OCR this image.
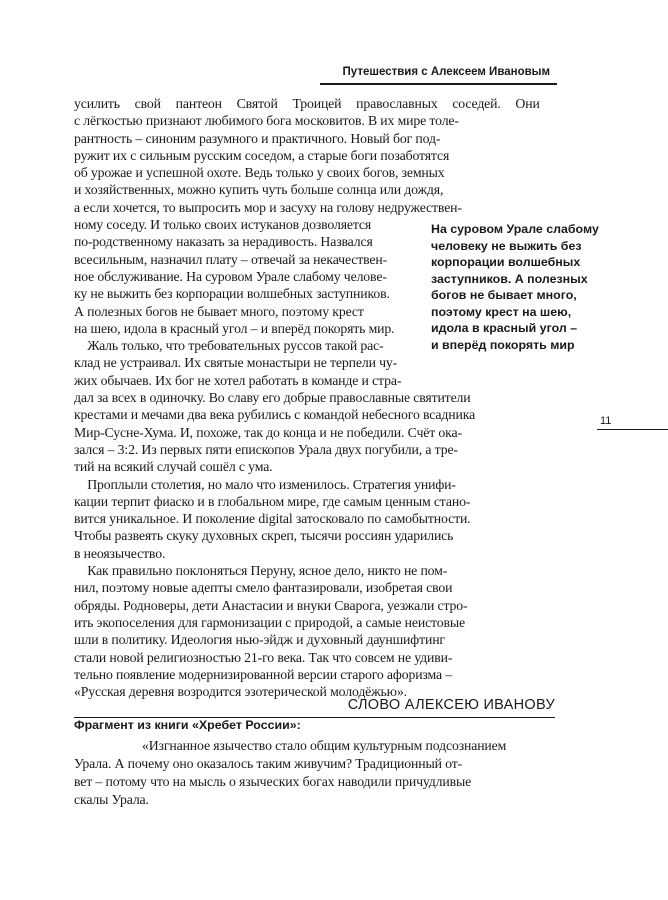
Путешествия с Алексеем Ивановым
11
усилить свой пантеон Святой Троицей православных соседей. Они
с лёгкостью признают любимого бога московитов. В их мире толе-
рантность – синоним разумного и практичного. Новый бог под-
ружит их с сильным русским соседом, а старые боги позаботятся
об урожае и успешной охоте. Ведь только у своих богов, земных
и хозяйственных, можно купить чуть больше солнца или дождя,
а если хочется, то выпросить мор и засуху на голову недружествен-
ному соседу. И только своих истуканов дозволяется
по-родственному наказать за нерадивость. Назвался
всесильным, назначил плату – отвечай за некачествен-
ное обслуживание. На суровом Урале слабому челове-
ку не выжить без корпорации волшебных заступников.
А полезных богов не бывает много, поэтому крест
на шею, идола в красный угол – и вперёд покорять мир.
Жаль только, что требовательных руссов такой рас-
клад не устраивал. Их святые монастыри не терпели чу-
жих обычаев. Их бог не хотел работать в команде и стра-
дал за всех в одиночку. Во славу его добрые православные святители
крестами и мечами два века рубились с командой небесного всадника
Мир-Сусне-Хума. И, похоже, так до конца и не победили. Счёт ока-
зался – 3:2. Из первых пяти епископов Урала двух погубили, а тре-
тий на всякий случай сошёл с ума.
Проплыли столетия, но мало что изменилось. Стратегия унифи-
кации терпит фиаско и в глобальном мире, где самым ценным стано-
вится уникальное. И поколение digital затосковало по самобытности.
Чтобы развеять скуку духовных скреп, тысячи россиян ударились
в неоязычество.
Как правильно поклоняться Перуну, ясное дело, никто не пом-
нил, поэтому новые адепты смело фантазировали, изобретая свои
обряды. Родноверы, дети Анастасии и внуки Сварога, уезжали стро-
ить экопоселения для гармонизации с природой, а самые неистовые
шли в политику. Идеология нью-эйдж и духовный дауншифтинг
стали новой религиозностью 21-го века. Так что совсем не удиви-
тельно появление модернизированной версии старого афоризма –
«Русская деревня возродится эзотерической молодёжью».
На суровом Урале слабому
человеку не выжить без
корпорации волшебных
заступников. А полезных
богов не бывает много,
поэтому крест на шею,
идола в красный угол –
и вперёд покорять мир
СЛОВО АЛЕКСЕЮ ИВАНОВУ
Фрагмент из книги «Хребет России»:
«Изгнанное язычество стало общим культурным подсознанием
Урала. А почему оно оказалось таким живучим? Традиционный от-
вет – потому что на мысль о языческих богах наводили причудливые
скалы Урала.
